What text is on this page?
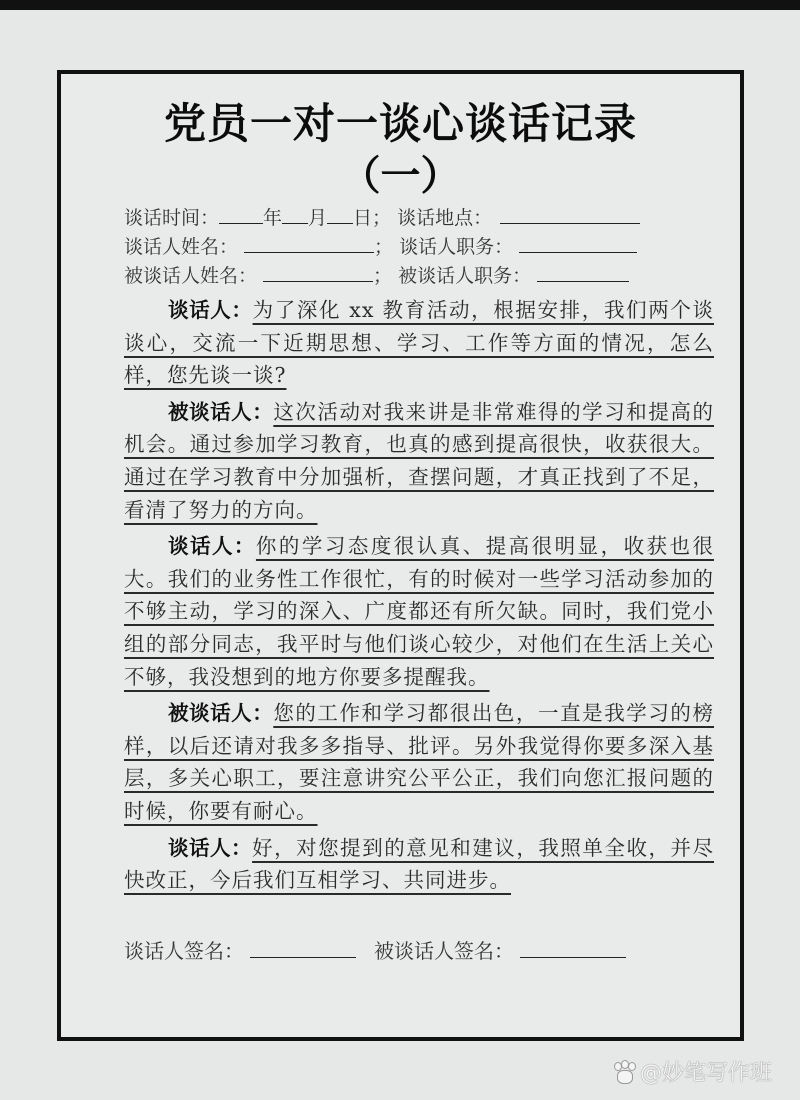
党员一对一谈心谈话记录
（一）
谈话时间： 年 月 日； 谈话地点：
谈话人姓名：	； 谈话人职务：
被谈话人姓名：	； 被谈话人职务：

谈话人：为了深化 xx 教育活动，根据安排，我们两个谈谈心，交流一下近期思想、学习、工作等方面的情况，怎么样，您先谈一谈?

被谈话人：这次活动对我来讲是非常难得的学习和提高的机会。通过参加学习教育，也真的感到提高很快，收获很大。通过在学习教育中分加强析，查摆问题，才真正找到了不足，看清了努力的方向。

谈话人：你的学习态度很认真、提高很明显，收获也很大。我们的业务性工作很忙，有的时候对一些学习活动参加的不够主动，学习的深入、广度都还有所欠缺。同时，我们党小组的部分同志，我平时与他们谈心较少，对他们在生活上关心不够，我没想到的地方你要多提醒我。

被谈话人：您的工作和学习都很出色，一直是我学习的榜样，以后还请对我多多指导、批评。另外我觉得你要多深入基层，多关心职工，要注意讲究公平公正，我们向您汇报问题的时候，你要有耐心。

谈话人：好，对您提到的意见和建议，我照单全收，并尽快改正，今后我们互相学习、共同进步。

谈话人签名：	被谈话人签名：
@妙笔写作班
